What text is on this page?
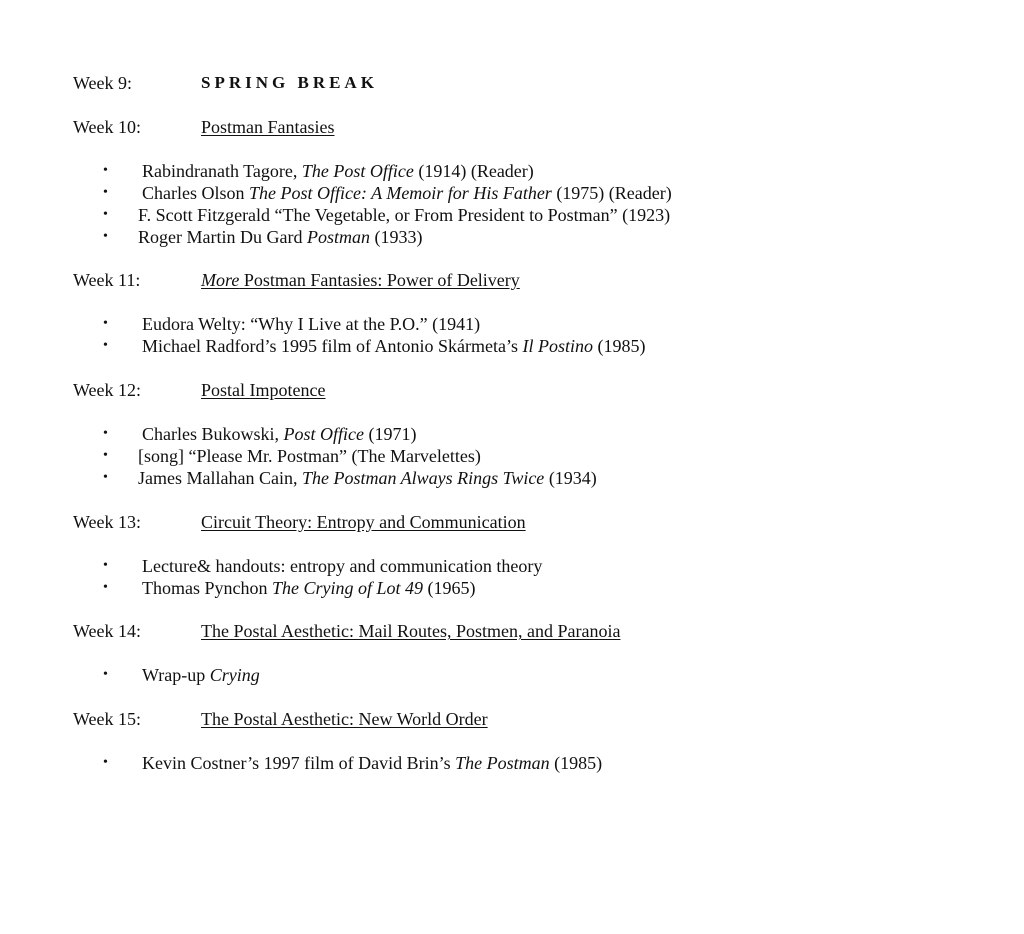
Week 9:	SPRING BREAK
Week 10:	Postman Fantasies
• Rabindranath Tagore, The Post Office (1914) (Reader)
• Charles Olson The Post Office: A Memoir for His Father (1975) (Reader)
• F. Scott Fitzgerald “The Vegetable, or From President to Postman” (1923)
• Roger Martin Du Gard Postman (1933)
Week 11:	More Postman Fantasies: Power of Delivery
• Eudora Welty: “Why I Live at the P.O.” (1941)
• Michael Radford’s 1995 film of Antonio Skármeta’s Il Postino (1985)
Week 12:	Postal Impotence
• Charles Bukowski, Post Office (1971)
• [song] “Please Mr. Postman” (The Marvelettes)
• James Mallahan Cain, The Postman Always Rings Twice (1934)
Week 13:	Circuit Theory: Entropy and Communication
• Lecture& handouts: entropy and communication theory
• Thomas Pynchon The Crying of Lot 49 (1965)
Week 14:	The Postal Aesthetic: Mail Routes, Postmen, and Paranoia
• Wrap-up Crying
Week 15:	The Postal Aesthetic: New World Order
• Kevin Costner’s 1997 film of David Brin’s The Postman (1985)
